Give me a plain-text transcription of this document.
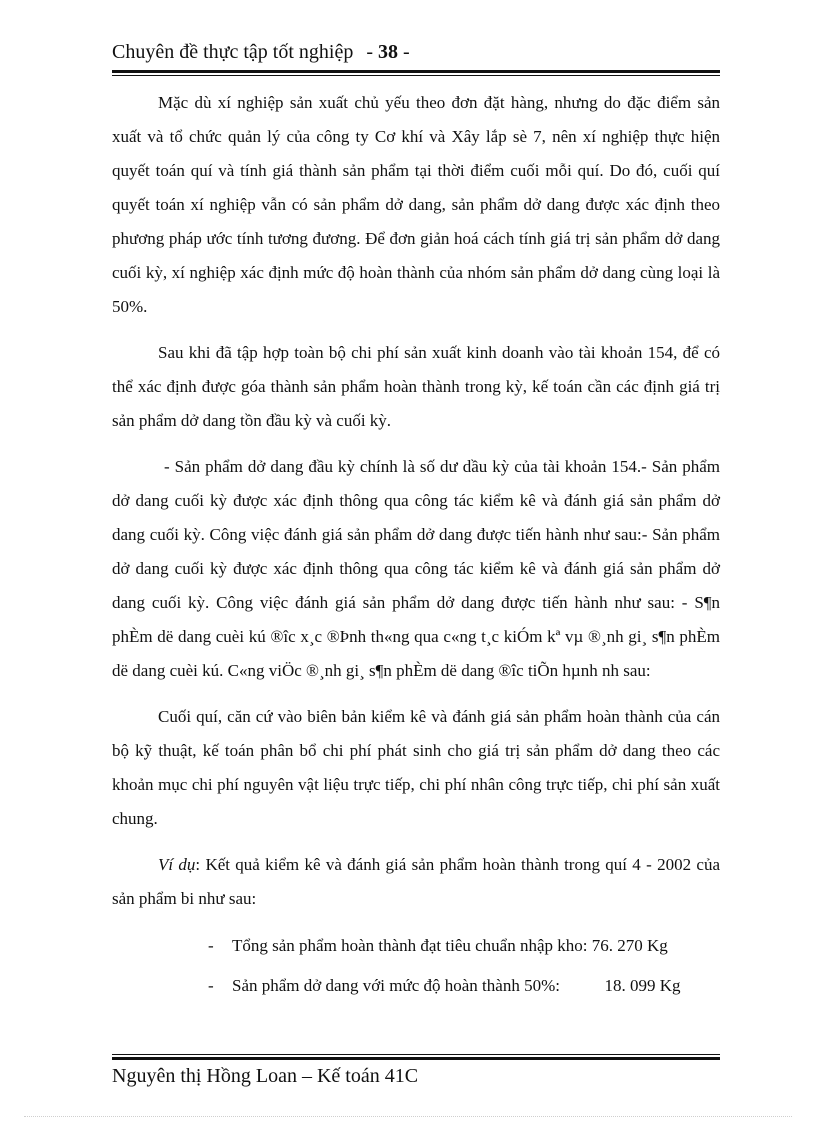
Chuyên đề thực tập tốt nghiệp - 38 -

Mặc dù xí nghiệp sản xuất chủ yếu theo đơn đặt hàng, nhưng do đặc điểm sản xuất và tổ chức quản lý của công ty Cơ khí và Xây lắp sè 7, nên xí nghiệp thực hiện quyết toán quí và tính giá thành sản phẩm tại thời điểm cuối mỗi quí. Do đó, cuối quí quyết toán xí nghiệp vẫn có sản phẩm dở dang, sản phẩm dở dang được xác định theo phương pháp ước tính tương đương. Để đơn giản hoá cách tính giá trị sản phẩm dở dang cuối kỳ, xí nghiệp xác định mức độ hoàn thành của nhóm sản phẩm dở dang cùng loại là 50%.

Sau khi đã tập hợp toàn bộ chi phí sản xuất kinh doanh vào tài khoản 154, để có thể xác định được góa thành sản phẩm hoàn thành trong kỳ, kế toán cần các định giá trị sản phẩm dở dang tồn đầu kỳ và cuối kỳ.

- Sản phẩm dở dang đầu kỳ chính là số dư dầu kỳ của tài khoản 154.- Sản phẩm dở dang cuối kỳ được xác định thông qua công tác kiểm kê và đánh giá sản phẩm dở dang cuối kỳ. Công việc đánh giá sản phẩm dở dang được tiến hành như sau:- Sản phẩm dở dang cuối kỳ được xác định thông qua công tác kiểm kê và đánh giá sản phẩm dở dang cuối kỳ. Công việc đánh giá sản phẩm dở dang được tiến hành như sau: - S¶n phÈm dë dang cuèi kú ®îc x¸c ®Þnh th«ng qua c«ng t¸c kiÓm kª vµ ®¸nh gi¸ s¶n phÈm dë dang cuèi kú. C«ng viÖc ®¸nh gi¸ s¶n phÈm dë dang ®îc tiÕn hµnh nh sau:

Cuối quí, căn cứ vào biên bản kiểm kê và đánh giá sản phẩm hoàn thành của cán bộ kỹ thuật, kế toán phân bổ chi phí phát sinh cho giá trị sản phẩm dở dang theo các khoản mục chi phí nguyên vật liệu trực tiếp, chi phí nhân công trực tiếp, chi phí sản xuất chung.

Ví dụ: Kết quả kiểm kê và đánh giá sản phẩm hoàn thành trong quí 4 - 2002 của sản phẩm bi như sau:

- Tổng sản phẩm hoàn thành đạt tiêu chuẩn nhập kho: 76. 270 Kg
- Sản phẩm dở dang với mức độ hoàn thành 50%:	18. 099 Kg
Nguyên thị Hồng Loan – Kế toán 41C
